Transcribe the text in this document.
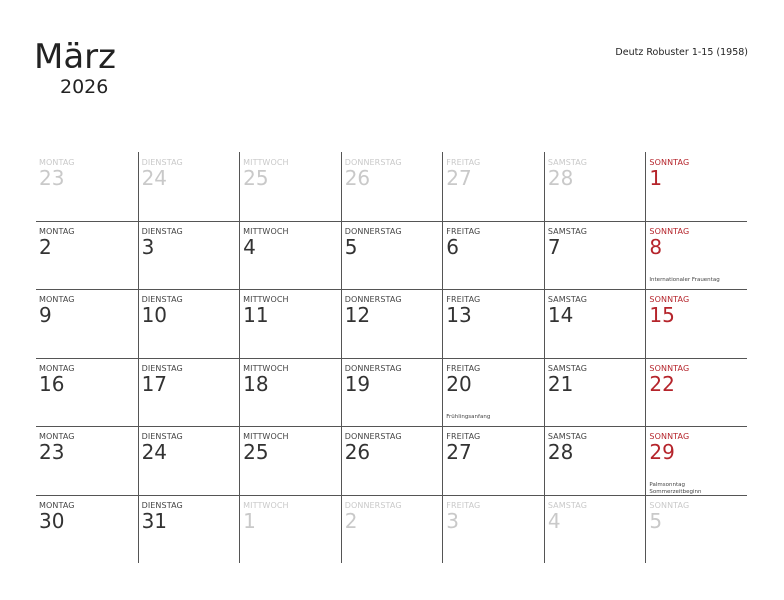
März
2026
Deutz Robuster 1-15 (1958)
MONTAG
23
DIENSTAG
24
MITTWOCH
25
DONNERSTAG
26
FREITAG
27
SAMSTAG
28
SONNTAG
1
MONTAG
2
DIENSTAG
3
MITTWOCH
4
DONNERSTAG
5
FREITAG
6
SAMSTAG
7
SONNTAG
8
Internationaler Frauentag
MONTAG
9
DIENSTAG
10
MITTWOCH
11
DONNERSTAG
12
FREITAG
13
SAMSTAG
14
SONNTAG
15
MONTAG
16
DIENSTAG
17
MITTWOCH
18
DONNERSTAG
19
FREITAG
20
Frühlingsanfang
SAMSTAG
21
SONNTAG
22
MONTAG
23
DIENSTAG
24
MITTWOCH
25
DONNERSTAG
26
FREITAG
27
SAMSTAG
28
SONNTAG
29
Palmsonntag
Sommerzeitbeginn
MONTAG
30
DIENSTAG
31
MITTWOCH
1
DONNERSTAG
2
FREITAG
3
SAMSTAG
4
SONNTAG
5
